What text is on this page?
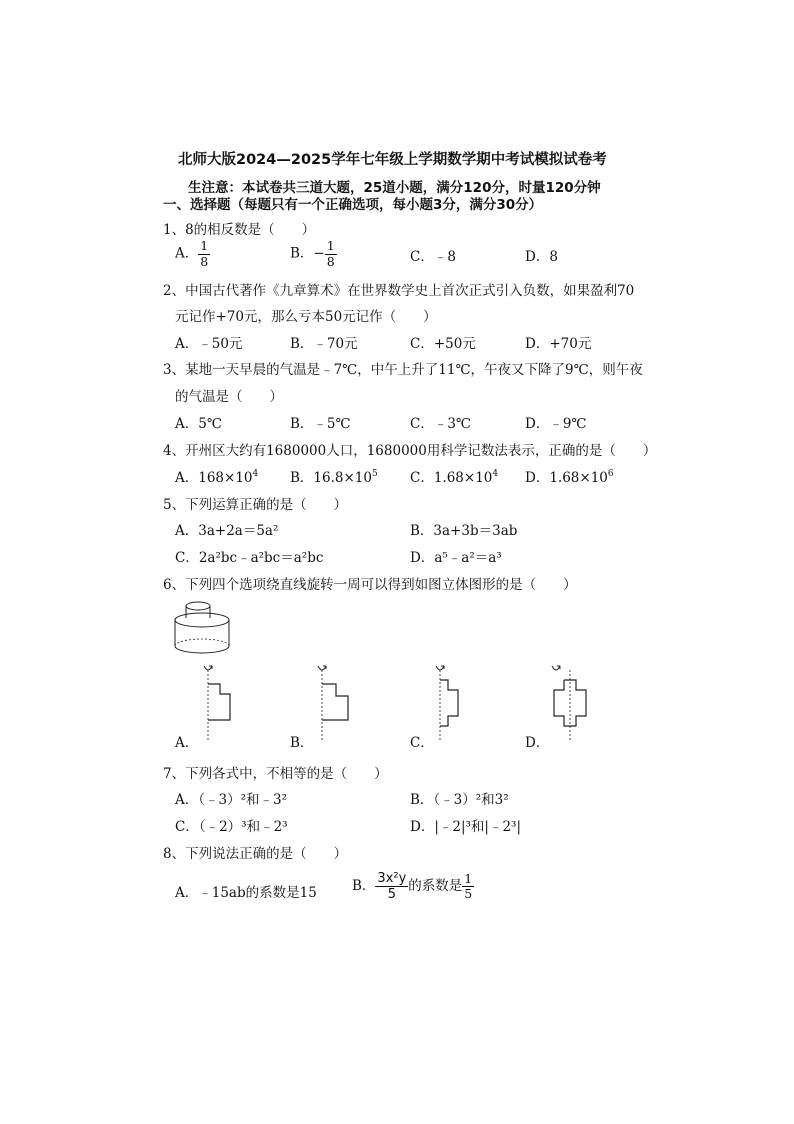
北师大版2024—2025学年七年级上学期数学期中考试模拟试卷考
生注意：本试卷共三道大题，25道小题，满分120分，时量120分钟
一、选择题（每题只有一个正确选项，每小题3分，满分30分）
1、8的相反数是（　　）
A． $\frac{1}{8}$	B．− $\frac{1}{8}$	C．﹣8	D．8
2、中国古代著作《九章算术》在世界数学史上首次正式引入负数，如果盈利70
元记作+70元，那么亏本50元记作（　　）
A．﹣50元	B．﹣70元	C．+50元	D．+70元
3、某地一天早晨的气温是﹣7℃，中午上升了11℃，午夜又下降了9℃，则午夜
的气温是（　　）
A．5℃	B．﹣5℃	C．﹣3℃	D．﹣9℃
4、开州区大约有1680000人口，1680000用科学记数法表示，正确的是（　　）
A．$168\times 10^4$ B．$16.8\times 10^5$ C．$1.68\times 10^4$ D．$1.68\times 10^6$
5、下列运算正确的是（　　）
A．3a+2a＝5a²	B．3a+3b＝3ab
C．2a²bc﹣a²bc＝a²bc	D．a⁵﹣a²＝a³
6、下列四个选项绕直线旋转一周可以得到如图立体图形的是（　　）
A．	B．	C．	D．
7、下列各式中，不相等的是（　　）
A．（﹣3）²和﹣3²	B．（﹣3）²和3²
C．（﹣2）³和﹣2³	D．|﹣2|³和|﹣2³|
8、下列说法正确的是（　　）
A．﹣15ab的系数是15	B． $\frac{\text{3x²y}}{5}$ 的系数是 $\frac{1}{5}$
